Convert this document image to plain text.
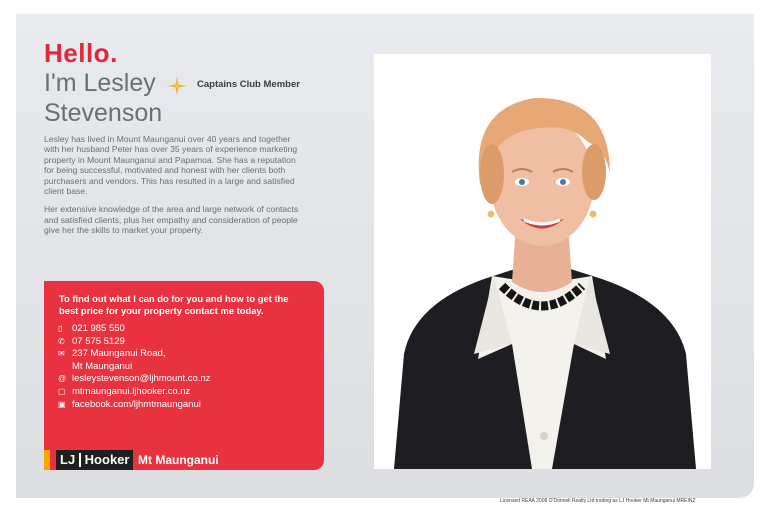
Hello.
I'm Lesley
Stevenson
Captains Club Member

Lesley has lived in Mount Maunganui over 40 years and together with her husband Peter has over 35 years of experience marketing property in Mount Maunganui and Papamoa. She has a reputation for being successful, motivated and honest with her clients both purchasers and vendors. This has resulted in a large and satisfied client base.

Her extensive knowledge of the area and large network of contacts and satisfied clients, plus her empathy and consideration of people give her the skills to market your property.

To find out what I can do for you and how to get the best price for your property contact me today.
▯	021 985 550
✆ 07 575 5129
✉ 237 Maunganui Road,
Mt Maunganui
@ lesleystevenson@ljhmount.co.nz
▢ mtmaunganui.ljhooker.co.nz
▣ facebook.com/ljhmtmaunganui
LJ Hooker Mt Maunganui
Licensed REAA 2008 O'Donnell Realty Ltd trading as LJ Hooker Mt Maunganui MREINZ
